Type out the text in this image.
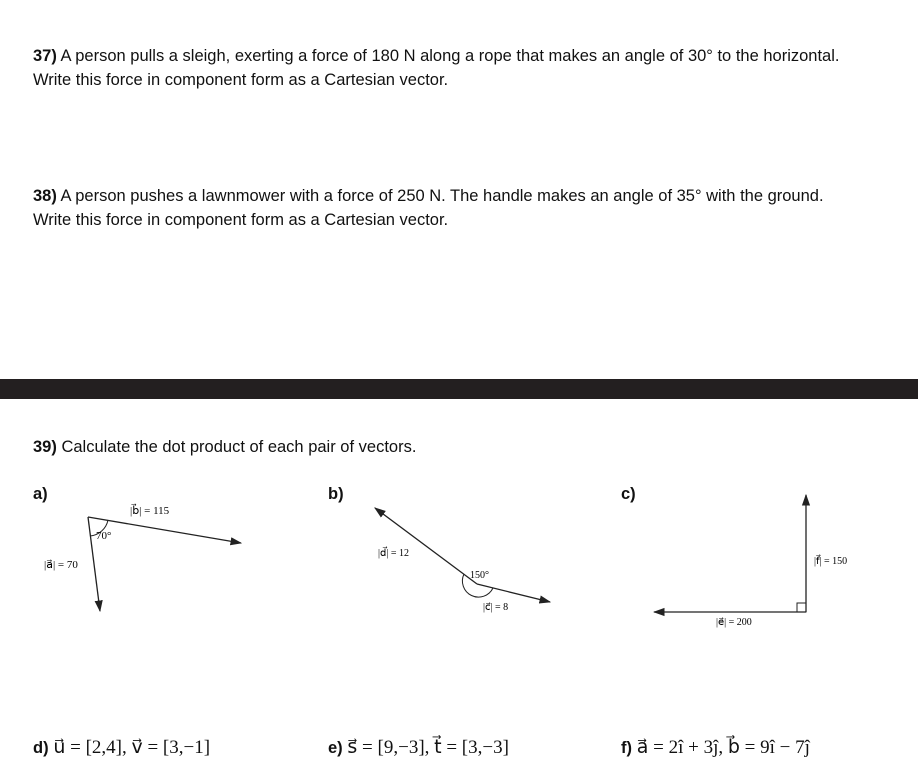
37) A person pulls a sleigh, exerting a force of 180 N along a rope that makes an angle of 30° to the horizontal.
Write this force in component form as a Cartesian vector.

38) A person pushes a lawnmower with a force of 250 N. The handle makes an angle of 35° with the ground.
Write this force in component form as a Cartesian vector.

39) Calculate the dot product of each pair of vectors.

a)
70°
|b⃗| = 115
|a⃗| = 70
b)
150°
|d⃗| = 12
|c⃗| = 8
c)
|f⃗| = 150
|e⃗| = 200
d) u⃗ = [2,4], v⃗ = [3,−1]	e) s⃗ = [9,−3], t⃗ = [3,−3]	f) a⃗ = 2î + 3ĵ, b⃗ = 9î − 7ĵ
